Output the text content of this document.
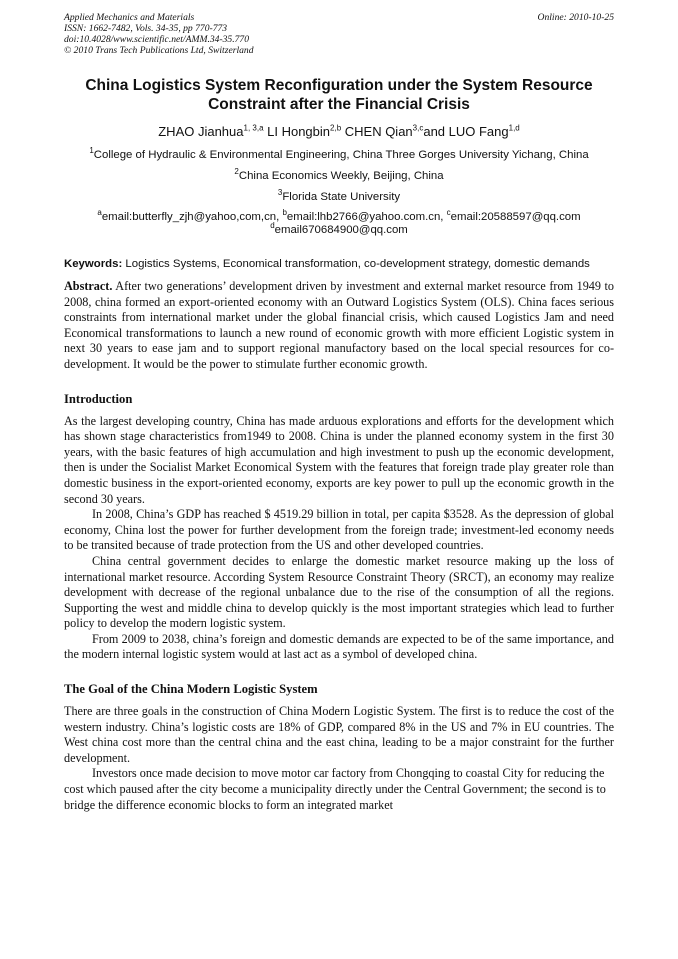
Applied Mechanics and Materials
ISSN: 1662-7482, Vols. 34-35, pp 770-773
doi:10.4028/www.scientific.net/AMM.34-35.770
© 2010 Trans Tech Publications Ltd, Switzerland
Online: 2010-10-25
China Logistics System Reconfiguration under the System Resource
Constraint after the Financial Crisis
ZHAO Jianhua$^{1, 3,a}$ LI Hongbin$^{2,b}$ CHEN Qian$^{3,c}$and LUO Fang$^{1,d}$
$^1$College of Hydraulic & Environmental Engineering, China Three Gorges University Yichang, China
$^2$China Economics Weekly, Beijing, China
$^3$Florida State University
$^a$email:butterfly_zjh@yahoo,com,cn, $^b$email:lhb2766@yahoo.com.cn, $^c$email:20588597@qq.com
$^d$email670684900@qq.com
Keywords: Logistics Systems, Economical transformation, co-development strategy, domestic demands

Abstract. After two generations’ development driven by investment and external market resource from 1949 to 2008, china formed an export-oriented economy with an Outward Logistics System (OLS). China faces serious constraints from international market under the global financial crisis, which caused Logistics Jam and need Economical transformations to launch a new round of economic growth with more efficient Logistic system in next 30 years to ease jam and to support regional manufactory based on the local special resources for co-development. It would be the power to stimulate further economic growth.

Introduction

As the largest developing country, China has made arduous explorations and efforts for the development which has shown stage characteristics from1949 to 2008. China is under the planned economy system in the first 30 years, with the basic features of high accumulation and high investment to push up the economic development, then is under the Socialist Market Economical System with the features that foreign trade play greater role than domestic business in the export-oriented economy, exports are key power to pull up the economic growth in the second 30 years.

In 2008, China’s GDP has reached $ 4519.29 billion in total, per capita $3528. As the depression of global economy, China lost the power for further development from the foreign trade; investment-led economy needs to be transited because of trade protection from the US and other developed countries.

China central government decides to enlarge the domestic market resource making up the loss of international market resource. According System Resource Constraint Theory (SRCT), an economy may realize development with decrease of the regional unbalance due to the rise of the consumption of all the regions. Supporting the west and middle china to develop quickly is the most important strategies which lead to further policy to develop the modern logistic system.

From 2009 to 2038, china’s foreign and domestic demands are expected to be of the same importance, and the modern internal logistic system would at last act as a symbol of developed china.

The Goal of the China Modern Logistic System

There are three goals in the construction of China Modern Logistic System. The first is to reduce the cost of the western industry. China’s logistic costs are 18% of GDP, compared 8% in the US and 7% in EU countries. The West china cost more than the central china and the east china, leading to be a major constraint for the further development.

Investors once made decision to move motor car factory from Chongqing to coastal City for reducing the cost which paused after the city become a municipality directly under the Central Government; the second is to bridge the difference economic blocks to form an integrated market
